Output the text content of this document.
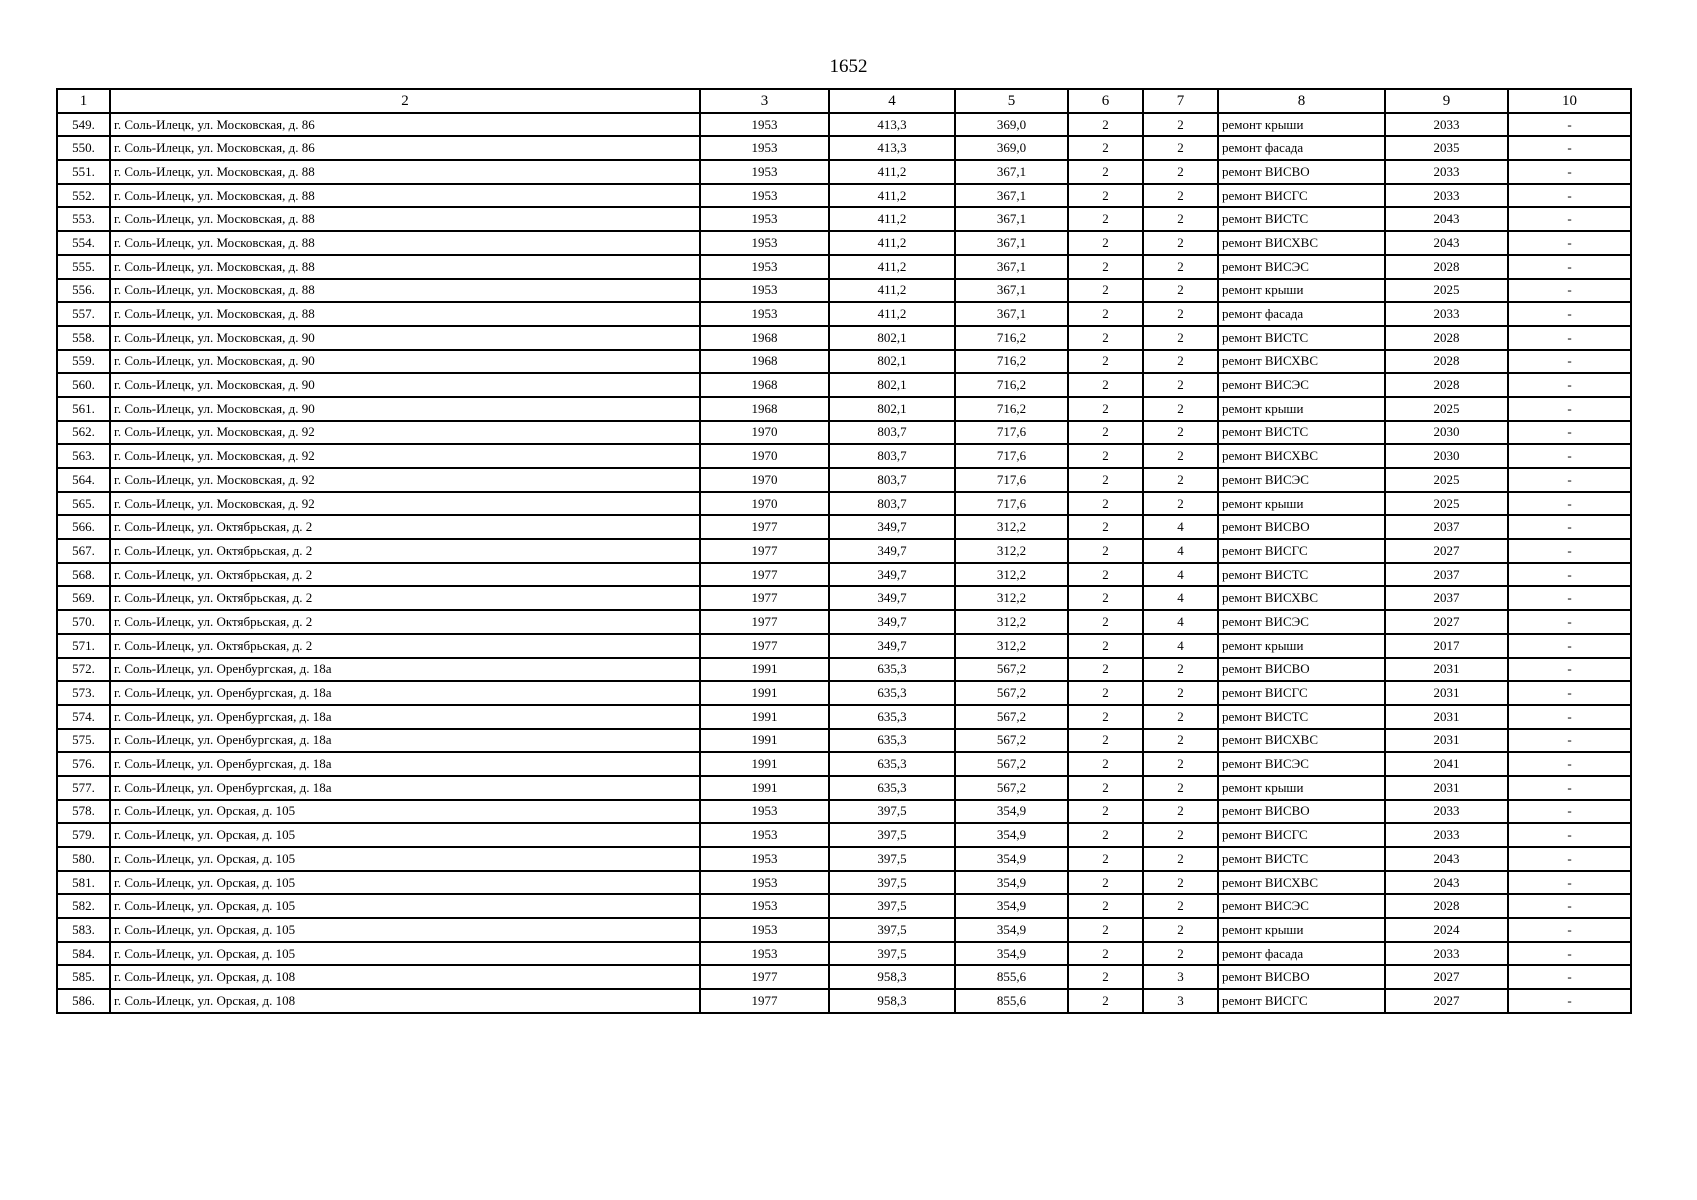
1652
1	2	3	4	5	6	7	8	9	10
549.	г. Соль-Илецк, ул. Московская, д. 86	1953	413,3	369,0	2	2	ремонт крыши	2033	-
550.	г. Соль-Илецк, ул. Московская, д. 86	1953	413,3	369,0	2	2	ремонт фасада	2035	-
551.	г. Соль-Илецк, ул. Московская, д. 88	1953	411,2	367,1	2	2	ремонт ВИСВО	2033	-
552.	г. Соль-Илецк, ул. Московская, д. 88	1953	411,2	367,1	2	2	ремонт ВИСГС	2033	-
553.	г. Соль-Илецк, ул. Московская, д. 88	1953	411,2	367,1	2	2	ремонт ВИСТС	2043	-
554.	г. Соль-Илецк, ул. Московская, д. 88	1953	411,2	367,1	2	2	ремонт ВИСХВС	2043	-
555.	г. Соль-Илецк, ул. Московская, д. 88	1953	411,2	367,1	2	2	ремонт ВИСЭС	2028	-
556.	г. Соль-Илецк, ул. Московская, д. 88	1953	411,2	367,1	2	2	ремонт крыши	2025	-
557.	г. Соль-Илецк, ул. Московская, д. 88	1953	411,2	367,1	2	2	ремонт фасада	2033	-
558.	г. Соль-Илецк, ул. Московская, д. 90	1968	802,1	716,2	2	2	ремонт ВИСТС	2028	-
559.	г. Соль-Илецк, ул. Московская, д. 90	1968	802,1	716,2	2	2	ремонт ВИСХВС	2028	-
560.	г. Соль-Илецк, ул. Московская, д. 90	1968	802,1	716,2	2	2	ремонт ВИСЭС	2028	-
561.	г. Соль-Илецк, ул. Московская, д. 90	1968	802,1	716,2	2	2	ремонт крыши	2025	-
562.	г. Соль-Илецк, ул. Московская, д. 92	1970	803,7	717,6	2	2	ремонт ВИСТС	2030	-
563.	г. Соль-Илецк, ул. Московская, д. 92	1970	803,7	717,6	2	2	ремонт ВИСХВС	2030	-
564.	г. Соль-Илецк, ул. Московская, д. 92	1970	803,7	717,6	2	2	ремонт ВИСЭС	2025	-
565.	г. Соль-Илецк, ул. Московская, д. 92	1970	803,7	717,6	2	2	ремонт крыши	2025	-
566.	г. Соль-Илецк, ул. Октябрьская, д. 2	1977	349,7	312,2	2	4	ремонт ВИСВО	2037	-
567.	г. Соль-Илецк, ул. Октябрьская, д. 2	1977	349,7	312,2	2	4	ремонт ВИСГС	2027	-
568.	г. Соль-Илецк, ул. Октябрьская, д. 2	1977	349,7	312,2	2	4	ремонт ВИСТС	2037	-
569.	г. Соль-Илецк, ул. Октябрьская, д. 2	1977	349,7	312,2	2	4	ремонт ВИСХВС	2037	-
570.	г. Соль-Илецк, ул. Октябрьская, д. 2	1977	349,7	312,2	2	4	ремонт ВИСЭС	2027	-
571.	г. Соль-Илецк, ул. Октябрьская, д. 2	1977	349,7	312,2	2	4	ремонт крыши	2017	-
572.	г. Соль-Илецк, ул. Оренбургская, д. 18а	1991	635,3	567,2	2	2	ремонт ВИСВО	2031	-
573.	г. Соль-Илецк, ул. Оренбургская, д. 18а	1991	635,3	567,2	2	2	ремонт ВИСГС	2031	-
574.	г. Соль-Илецк, ул. Оренбургская, д. 18а	1991	635,3	567,2	2	2	ремонт ВИСТС	2031	-
575.	г. Соль-Илецк, ул. Оренбургская, д. 18а	1991	635,3	567,2	2	2	ремонт ВИСХВС	2031	-
576.	г. Соль-Илецк, ул. Оренбургская, д. 18а	1991	635,3	567,2	2	2	ремонт ВИСЭС	2041	-
577.	г. Соль-Илецк, ул. Оренбургская, д. 18а	1991	635,3	567,2	2	2	ремонт крыши	2031	-
578.	г. Соль-Илецк, ул. Орская, д. 105	1953	397,5	354,9	2	2	ремонт ВИСВО	2033	-
579.	г. Соль-Илецк, ул. Орская, д. 105	1953	397,5	354,9	2	2	ремонт ВИСГС	2033	-
580.	г. Соль-Илецк, ул. Орская, д. 105	1953	397,5	354,9	2	2	ремонт ВИСТС	2043	-
581.	г. Соль-Илецк, ул. Орская, д. 105	1953	397,5	354,9	2	2	ремонт ВИСХВС	2043	-
582.	г. Соль-Илецк, ул. Орская, д. 105	1953	397,5	354,9	2	2	ремонт ВИСЭС	2028	-
583.	г. Соль-Илецк, ул. Орская, д. 105	1953	397,5	354,9	2	2	ремонт крыши	2024	-
584.	г. Соль-Илецк, ул. Орская, д. 105	1953	397,5	354,9	2	2	ремонт фасада	2033	-
585.	г. Соль-Илецк, ул. Орская, д. 108	1977	958,3	855,6	2	3	ремонт ВИСВО	2027	-
586.	г. Соль-Илецк, ул. Орская, д. 108	1977	958,3	855,6	2	3	ремонт ВИСГС	2027	-
